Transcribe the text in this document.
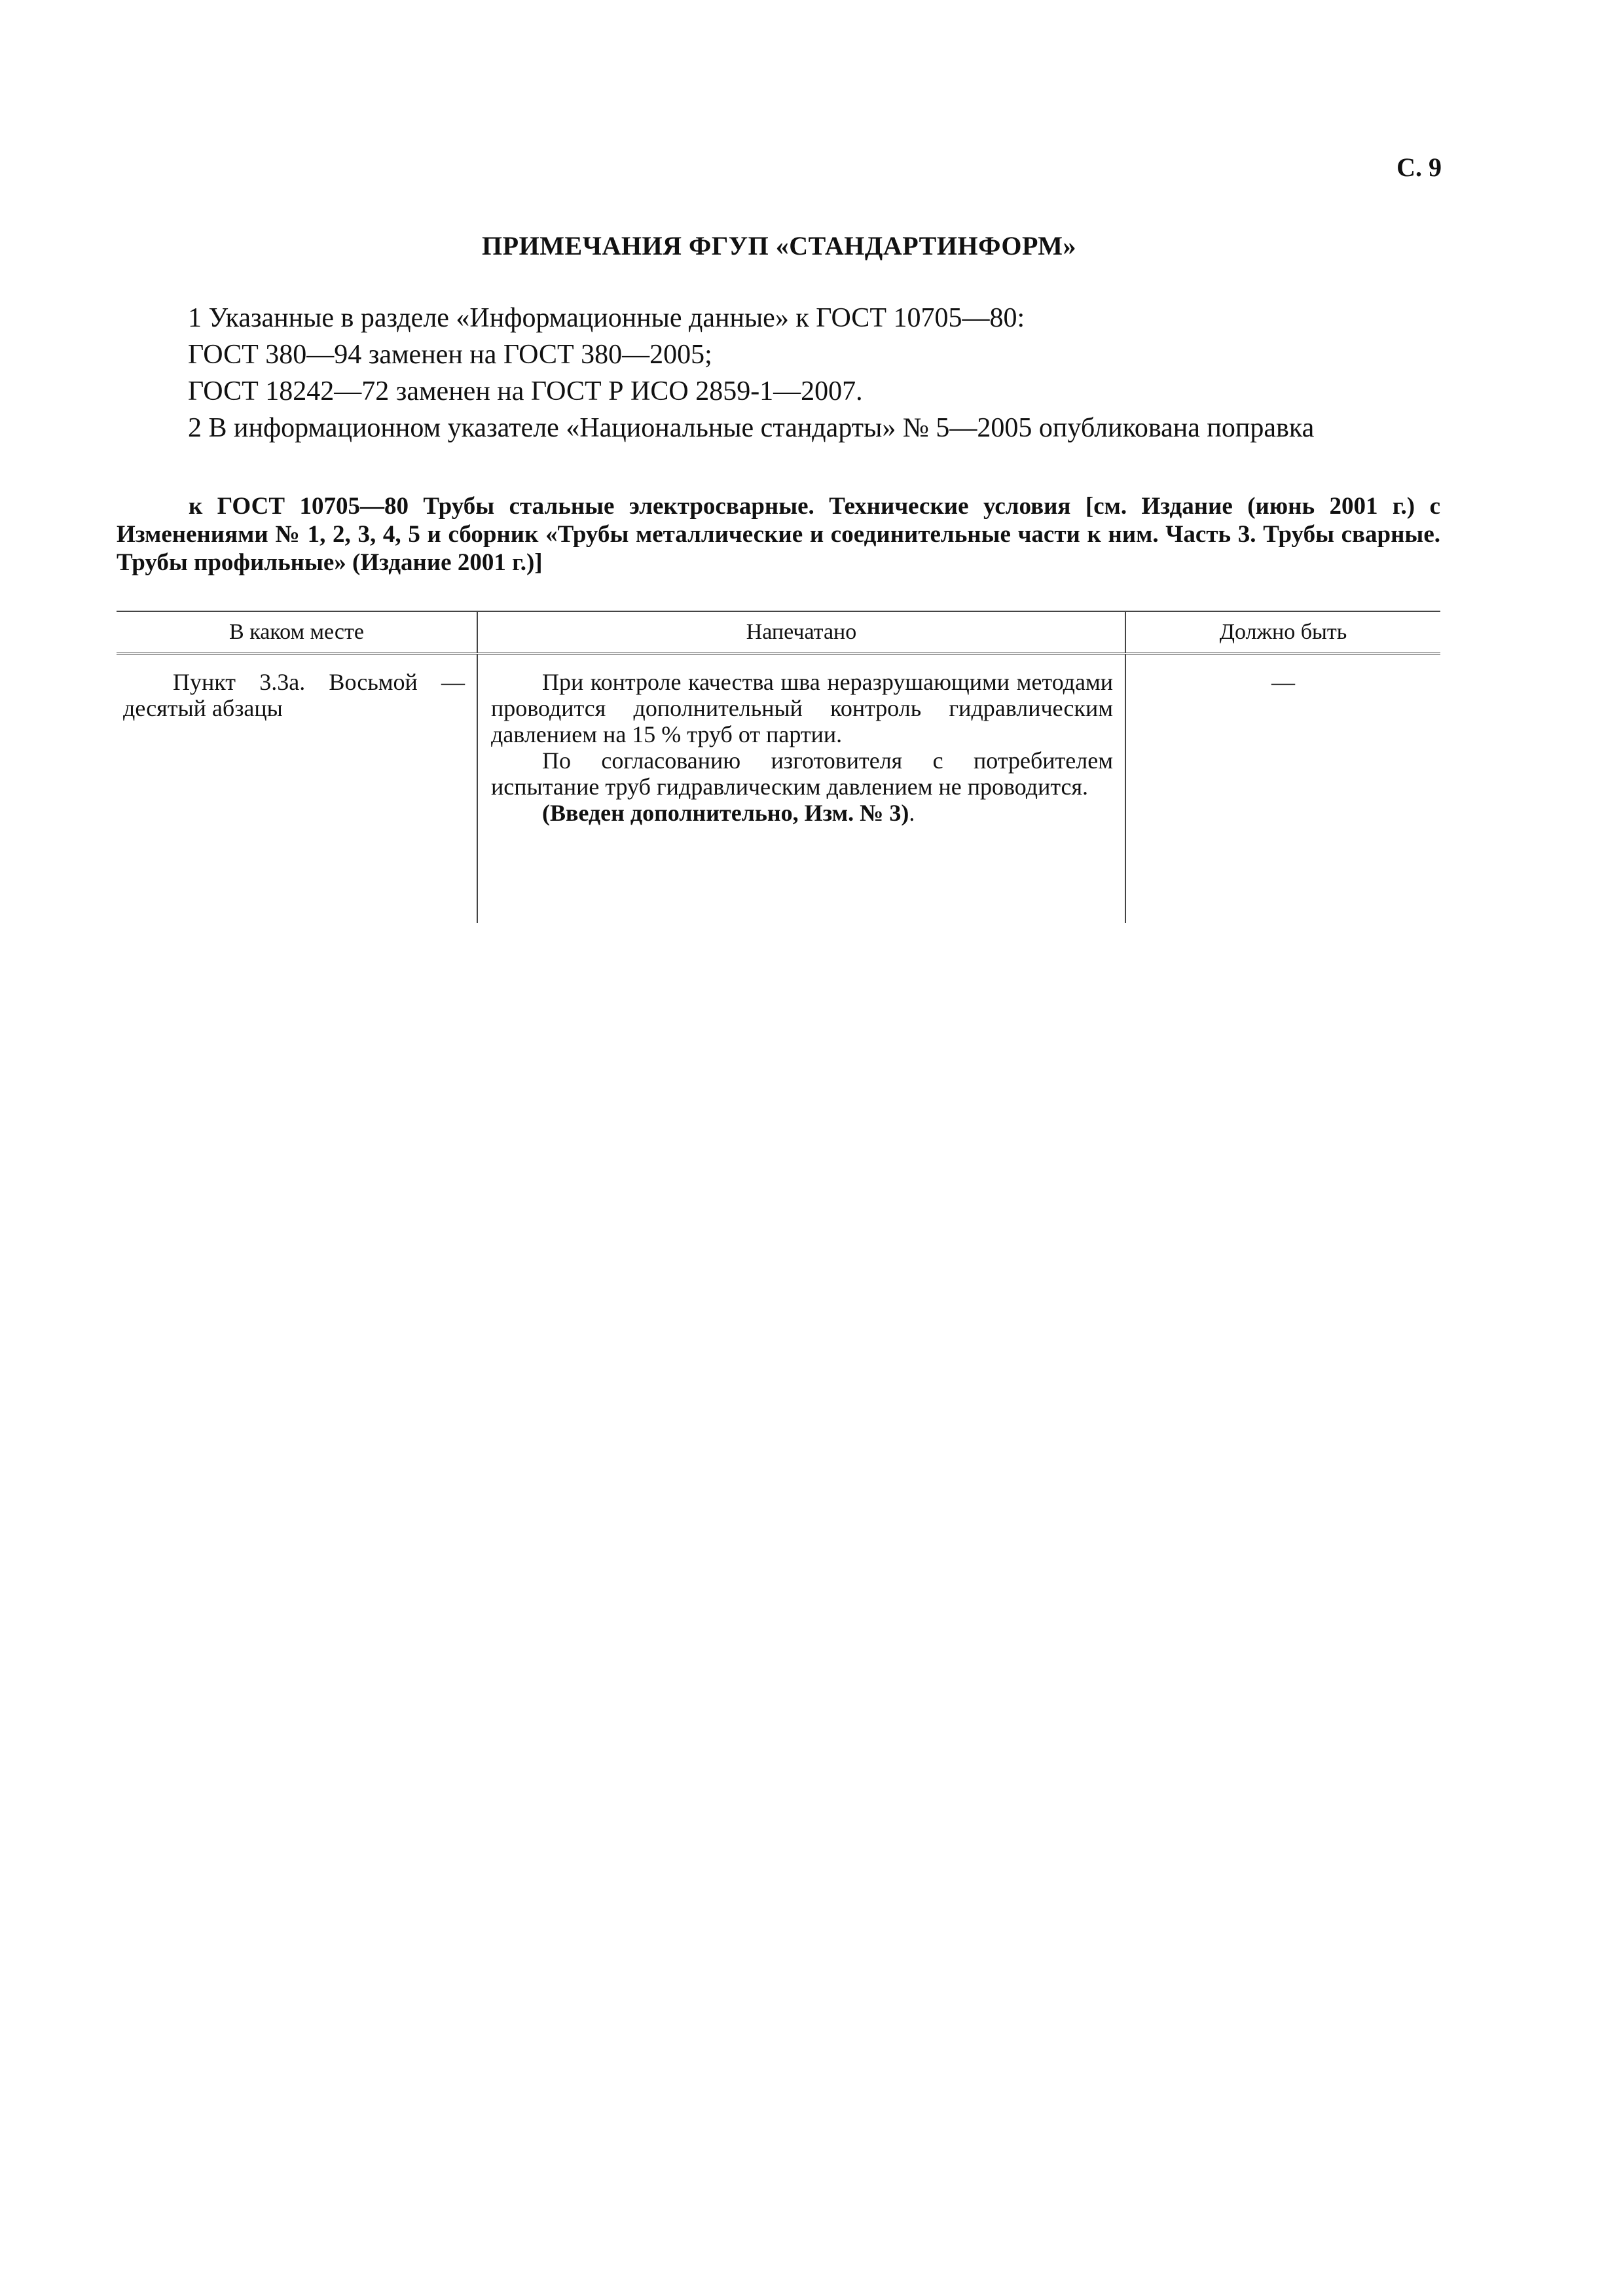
С. 9
ПРИМЕЧАНИЯ ФГУП «СТАНДАРТИНФОРМ»
1 Указанные в разделе «Информационные данные» к ГОСТ 10705—80:
ГОСТ 380—94 заменен на ГОСТ 380—2005;
ГОСТ 18242—72 заменен на ГОСТ Р ИСО 2859-1—2007.
2 В информационном указателе «Национальные стандарты» № 5—2005 опубликована поправка
к ГОСТ 10705—80 Трубы стальные электросварные. Технические условия [см. Издание (июнь 2001 г.) с Изменениями № 1, 2, 3, 4, 5 и сборник «Трубы металлические и соединительные части к ним. Часть 3. Трубы сварные. Трубы профильные» (Издание 2001 г.)]
В каком месте	Напечатано	Должно быть
Пункт 3.3а. Восьмой — десятый абзацы

При контроле качества шва неразрушающими методами проводится дополнительный контроль гидравлическим давлением на 15 % труб от партии.

По согласованию изготовителя с потребителем испытание труб гидравлическим давлением не проводится.

(Введен дополнительно, Изм. № 3).

—
